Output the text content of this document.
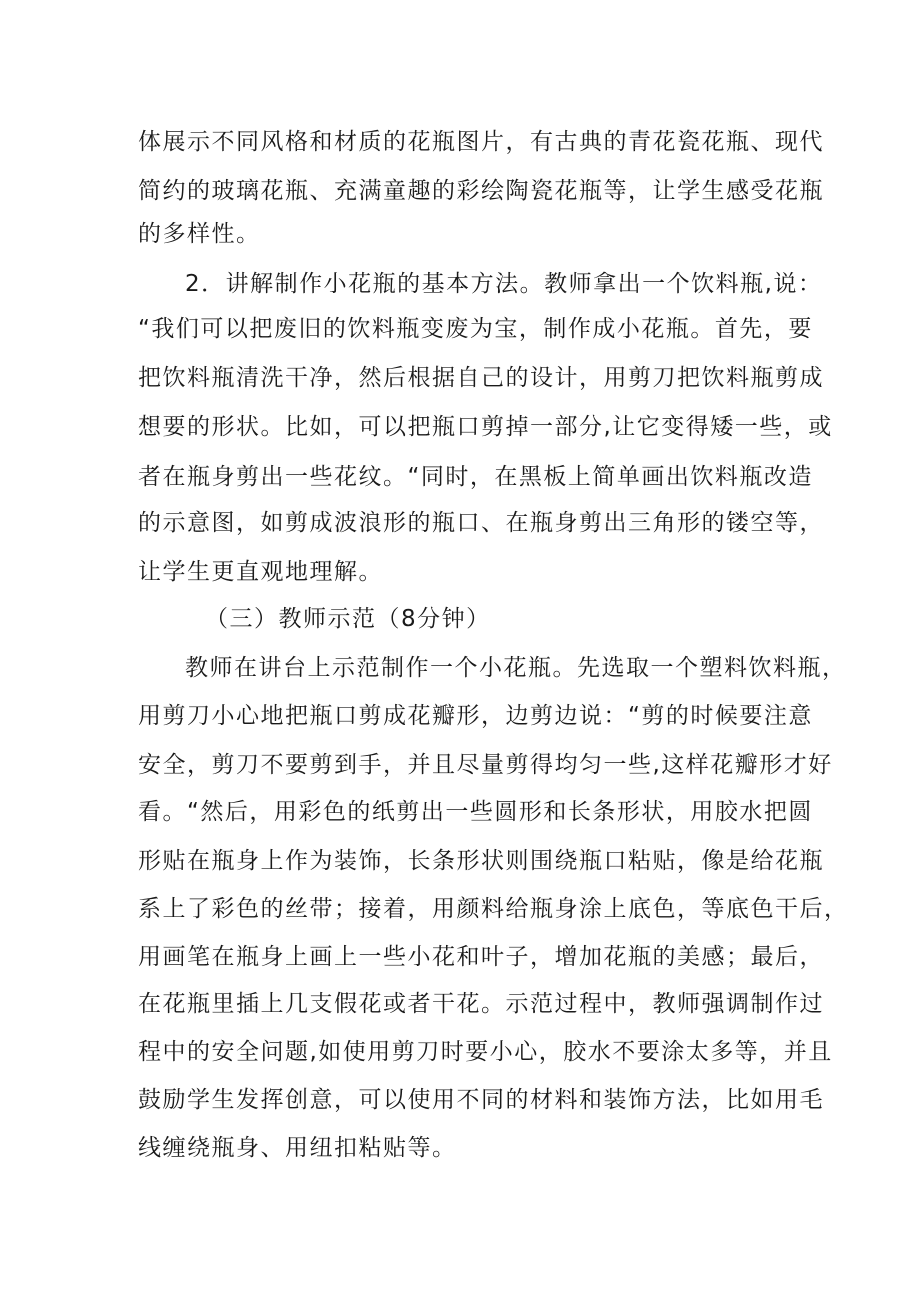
体展示不同风格和材质的花瓶图片，有古典的青花瓷花瓶、现代
简约的玻璃花瓶、充满童趣的彩绘陶瓷花瓶等，让学生感受花瓶
的多样性。
2．讲解制作小花瓶的基本方法。教师拿出一个饮料瓶,说：
“我们可以把废旧的饮料瓶变废为宝，制作成小花瓶。首先，要
把饮料瓶清洗干净，然后根据自己的设计，用剪刀把饮料瓶剪成
想要的形状。比如，可以把瓶口剪掉一部分,让它变得矮一些，或
者在瓶身剪出一些花纹。“同时，在黑板上简单画出饮料瓶改造
的示意图，如剪成波浪形的瓶口、在瓶身剪出三角形的镂空等，
让学生更直观地理解。
（三）教师示范（8分钟）
教师在讲台上示范制作一个小花瓶。先选取一个塑料饮料瓶，
用剪刀小心地把瓶口剪成花瓣形，边剪边说：“剪的时候要注意
安全，剪刀不要剪到手，并且尽量剪得均匀一些,这样花瓣形才好
看。“然后，用彩色的纸剪出一些圆形和长条形状，用胶水把圆
形贴在瓶身上作为装饰，长条形状则围绕瓶口粘贴，像是给花瓶
系上了彩色的丝带；接着，用颜料给瓶身涂上底色，等底色干后，
用画笔在瓶身上画上一些小花和叶子，增加花瓶的美感；最后，
在花瓶里插上几支假花或者干花。示范过程中，教师强调制作过
程中的安全问题,如使用剪刀时要小心，胶水不要涂太多等，并且
鼓励学生发挥创意，可以使用不同的材料和装饰方法，比如用毛
线缠绕瓶身、用纽扣粘贴等。
